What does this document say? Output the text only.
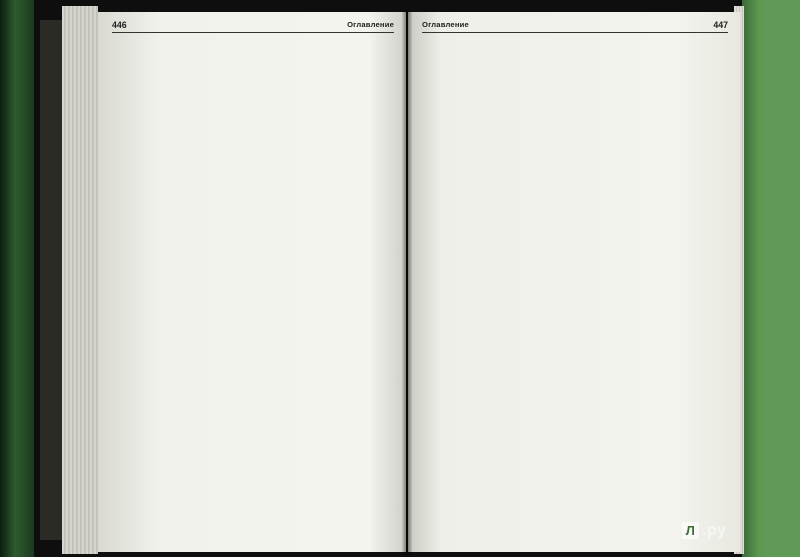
446	Оглавление	Оглавление	447
Л .ру
